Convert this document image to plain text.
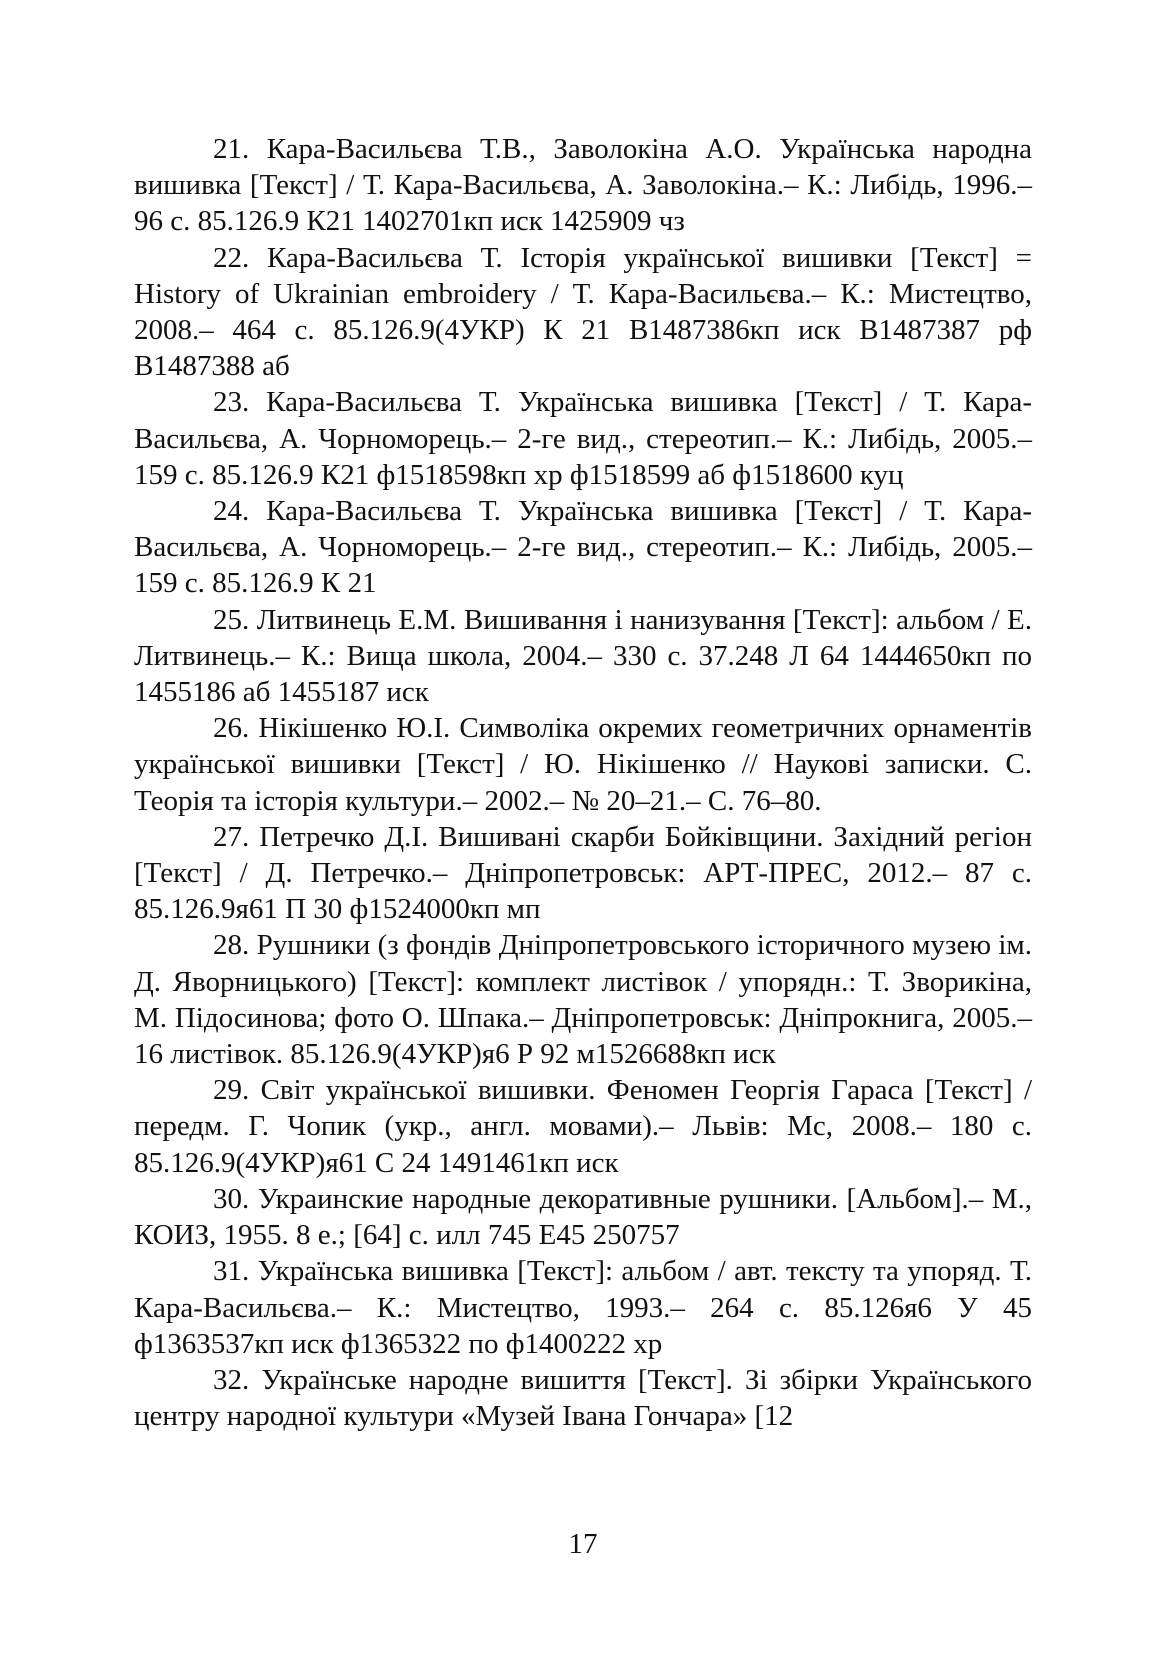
21. Кара-Васильєва Т.В., Заволокіна А.О. Українська народна вишивка [Текст] / Т. Кара-Васильєва, А. Заволокіна.– К.: Либідь, 1996.– 96 с. 85.126.9 К21 1402701кп иск 1425909 чз

22. Кара-Васильєва Т. Історія української вишивки [Текст] = History of Ukrainian embroidery / Т. Кара-Васильєва.– К.: Мистецтво, 2008.– 464 с. 85.126.9(4УКР) К 21 В1487386кп иск В1487387 рф В1487388 аб

23. Кара-Васильєва Т. Українська вишивка [Текст] / Т. Кара-Васильєва, А. Чорноморець.– 2-ге вид., стереотип.– К.: Либідь, 2005.– 159 с. 85.126.9 К21 ф1518598кп хр ф1518599 аб ф1518600 куц

24. Кара-Васильєва Т. Українська вишивка [Текст] / Т. Кара-Васильєва, А. Чорноморець.– 2-ге вид., стереотип.– К.: Либідь, 2005.– 159 с. 85.126.9 К 21

25. Литвинець Е.М. Вишивання і нанизування [Текст]: альбом / Е. Литвинець.– К.: Вища школа, 2004.– 330 с. 37.248 Л 64 1444650кп по 1455186 аб 1455187 иск

26. Нікішенко Ю.І. Символіка окремих геометричних орнаментів української вишивки [Текст] / Ю. Нікішенко // Наукові записки. С. Теорія та історія культури.– 2002.– № 20–21.– С. 76–80.

27. Петречко Д.І. Вишивані скарби Бойківщини. Західний регіон [Текст] / Д. Петречко.– Дніпропетровськ: АРТ-ПРЕС, 2012.– 87 с. 85.126.9я61 П 30 ф1524000кп мп

28. Рушники (з фондів Дніпропетровського історичного музею ім. Д. Яворницького) [Текст]: комплект листівок / упорядн.: Т. Зворикіна, М. Підосинова; фото О. Шпака.– Дніпропетровськ: Дніпрокнига, 2005.– 16 листівок. 85.126.9(4УКР)я6 Р 92 м1526688кп иск

29. Світ української вишивки. Феномен Георгія Гараса [Текст] / передм. Г. Чопик (укр., англ. мовами).– Львів: Мс, 2008.– 180 с. 85.126.9(4УКР)я61 С 24 1491461кп иск

30. Украинские народные декоративные рушники. [Альбом].– М., КОИЗ, 1955. 8 е.; [64] с. илл 745 Е45 250757

31. Українська вишивка [Текст]: альбом / авт. тексту та упоряд. Т. Кара-Васильєва.– К.: Мистецтво, 1993.– 264 с. 85.126я6 У 45 ф1363537кп иск ф1365322 по ф1400222 хр

32. Українське народне вишиття [Текст]. Зі збірки Українського центру народної культури «Музей Івана Гончара» [12

17
